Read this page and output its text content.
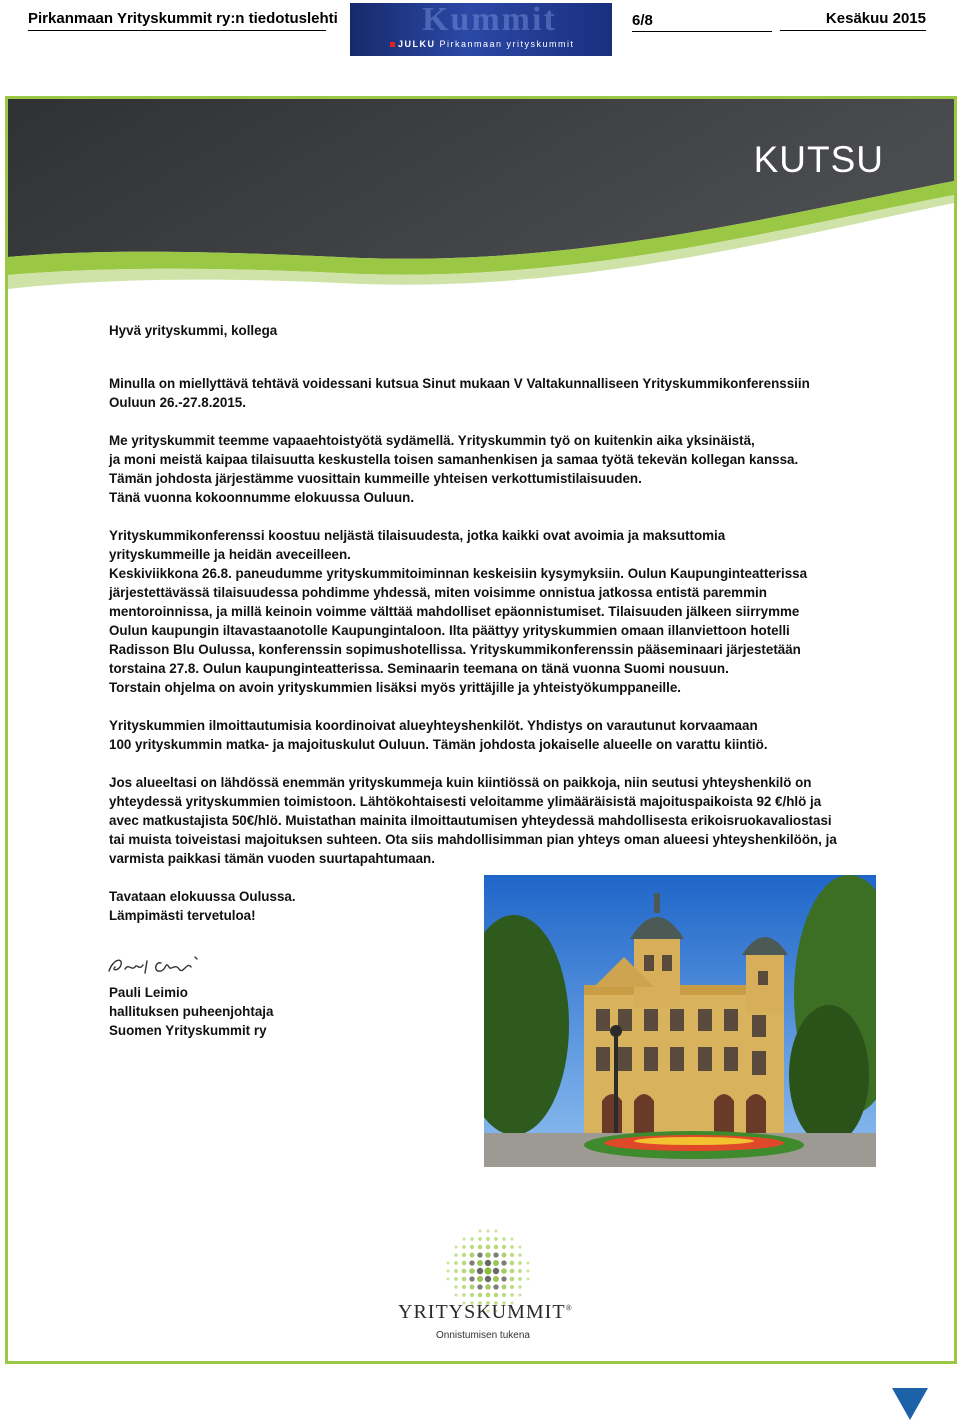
Pirkanmaan Yrityskummit ry:n tiedotuslehti Kummit
JULKU Pirkanmaan yrityskummit
6/8	Kesäkuu 2015
KUTSU

Hyvä yrityskummi, kollega

Minulla on miellyttävä tehtävä voidessani kutsua Sinut mukaan V Valtakunnalliseen Yrityskummikonferenssiin
Ouluun 26.-27.8.2015.

Me yrityskummit teemme vapaaehtoistyötä sydämellä. Yrityskummin työ on kuitenkin aika yksinäistä,
ja moni meistä kaipaa tilaisuutta keskustella toisen samanhenkisen ja samaa työtä tekevän kollegan kanssa.
Tämän johdosta järjestämme vuosittain kummeille yhteisen verkottumistilaisuuden.
Tänä vuonna kokoonnumme elokuussa Ouluun.

Yrityskummikonferenssi koostuu neljästä tilaisuudesta, jotka kaikki ovat avoimia ja maksuttomia
yrityskummeille ja heidän aveceilleen.
Keskiviikkona 26.8. paneudumme yrityskummitoiminnan keskeisiin kysymyksiin. Oulun Kaupunginteatterissa
järjestettävässä tilaisuudessa pohdimme yhdessä, miten voisimme onnistua jatkossa entistä paremmin
mentoroinnissa, ja millä keinoin voimme välttää mahdolliset epäonnistumiset. Tilaisuuden jälkeen siirrymme
Oulun kaupungin iltavastaanotolle Kaupungintaloon. Ilta päättyy yrityskummien omaan illanviettoon hotelli
Radisson Blu Oulussa, konferenssin sopimushotellissa. Yrityskummikonferenssin pääseminaari järjestetään
torstaina 27.8. Oulun kaupunginteatterissa. Seminaarin teemana on tänä vuonna Suomi nousuun.
Torstain ohjelma on avoin yrityskummien lisäksi myös yrittäjille ja yhteistyökumppaneille.

Yrityskummien ilmoittautumisia koordinoivat alueyhteyshenkilöt. Yhdistys on varautunut korvaamaan
100 yrityskummin matka- ja majoituskulut Ouluun. Tämän johdosta jokaiselle alueelle on varattu kiintiö.

Jos alueeltasi on lähdössä enemmän yrityskummeja kuin kiintiössä on paikkoja, niin seutusi yhteyshenkilö on
yhteydessä yrityskummien toimistoon. Lähtökohtaisesti veloitamme ylimääräisistä majoituspaikoista 92 €/hlö ja
avec matkustajista 50€/hlö. Muistathan mainita ilmoittautumisen yhteydessä mahdollisesta erikoisruokavaliostasi
tai muista toiveistasi majoituksen suhteen. Ota siis mahdollisimman pian yhteys oman alueesi yhteyshenkilöön, ja
varmista paikkasi tämän vuoden suurtapahtumaan.

Tavataan elokuussa Oulussa.
Lämpimästi tervetuloa!

Pauli Leimio
hallituksen puheenjohtaja
Suomen Yrityskummit ry
YRITYSKUMMIT®
Onnistumisen tukena
